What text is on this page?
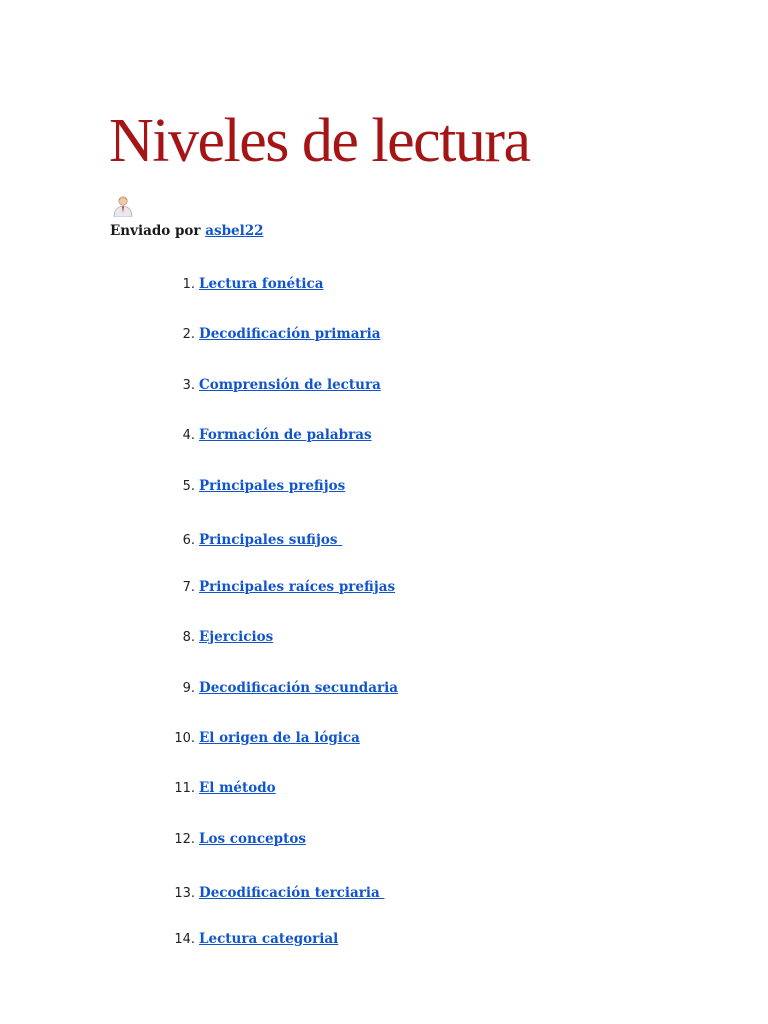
Niveles de lectura
Enviado por asbel22
1. Lectura fonética
2. Decodificación primaria
3. Comprensión de lectura
4. Formación de palabras
5. Principales prefijos
6. Principales sufijos
7. Principales raíces prefijas
8. Ejercicios
9. Decodificación secundaria
10. El origen de la lógica
11. El método
12. Los conceptos
13. Decodificación terciaria
14. Lectura categorial
